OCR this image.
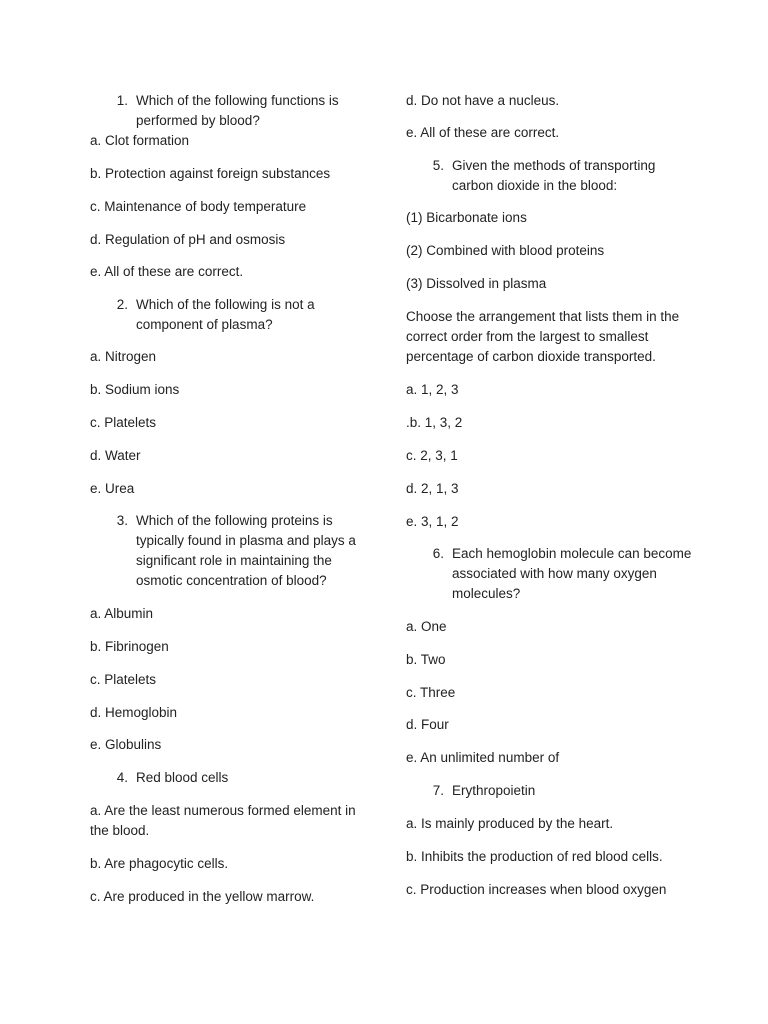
1. Which of the following functions is performed by blood?

a. Clot formation

b. Protection against foreign substances

c. Maintenance of body temperature

d. Regulation of pH and osmosis

e. All of these are correct.

2. Which of the following is not a component of plasma?

a. Nitrogen

b. Sodium ions

c. Platelets

d. Water

e. Urea

3. Which of the following proteins is typically found in plasma and plays a significant role in maintaining the osmotic concentration of blood?

a. Albumin

b. Fibrinogen

c. Platelets

d. Hemoglobin

e. Globulins

4. Red blood cells

a. Are the least numerous formed element in the blood.

b. Are phagocytic cells.

c. Are produced in the yellow marrow.

d. Do not have a nucleus.

e. All of these are correct.

5. Given the methods of transporting carbon dioxide in the blood:

(1) Bicarbonate ions

(2) Combined with blood proteins

(3) Dissolved in plasma

Choose the arrangement that lists them in the correct order from the largest to smallest percentage of carbon dioxide transported.

a. 1, 2, 3

.b. 1, 3, 2

c. 2, 3, 1

d. 2, 1, 3

e. 3, 1, 2

6. Each hemoglobin molecule can become associated with how many oxygen molecules?

a. One

b. Two

c. Three

d. Four

e. An unlimited number of

7. Erythropoietin

a. Is mainly produced by the heart.

b. Inhibits the production of red blood cells.

c. Production increases when blood oxygen
